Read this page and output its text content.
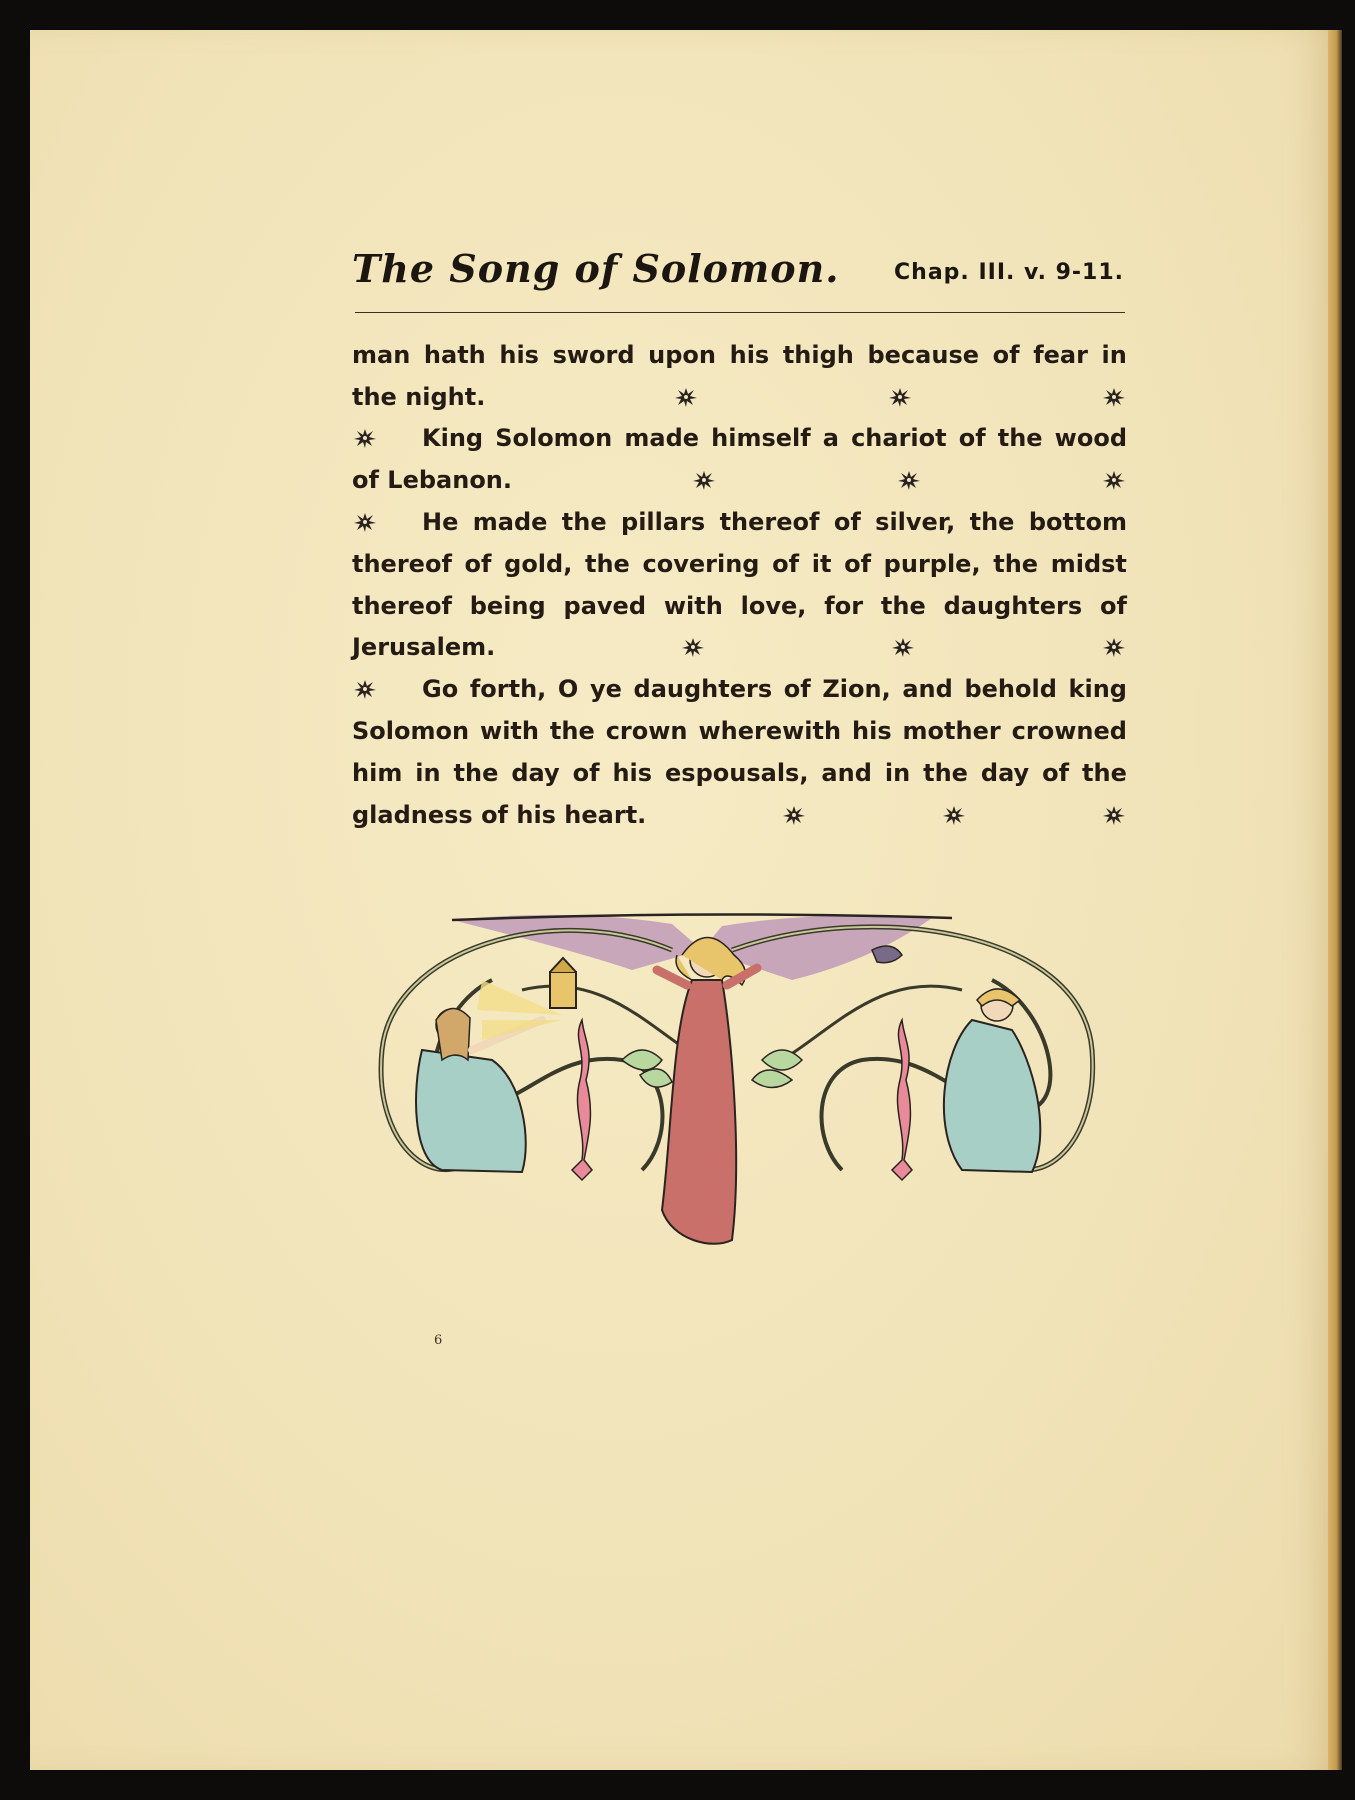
The Song of Solomon. Chap. III. v. 9-11.
man hath his sword upon his thigh because of fear in
the night.
King Solomon made himself a chariot of the wood
of Lebanon.
He made the pillars thereof of silver, the bottom
thereof of gold, the covering of it of purple, the midst
thereof being paved with love, for the daughters of
Jerusalem.
Go forth, O ye daughters of Zion, and behold king
Solomon with the crown wherewith his mother crowned
him in the day of his espousals, and in the day of the
gladness of his heart.
6
